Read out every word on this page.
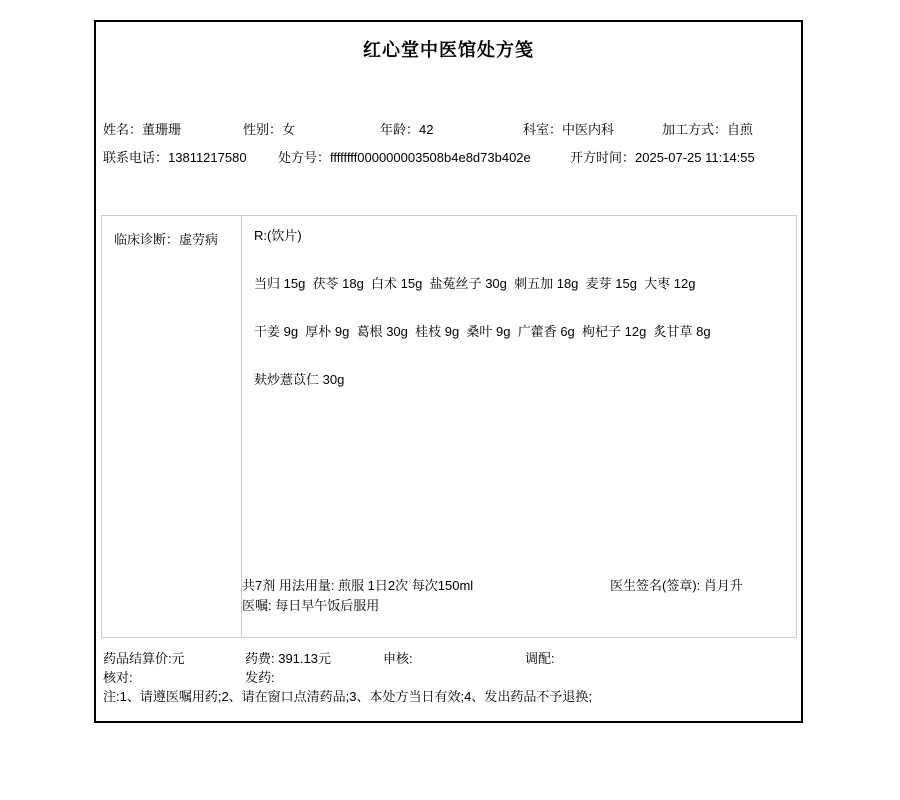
红心堂中医馆处方笺
姓名：董珊珊	性别：女	年龄：42	科室：中医内科	加工方式：自煎
联系电话：13811217580 处方号：ffffffff000000003508b4e8d73b402e	开方时间：2025-07-25 11:14:55
临床诊断：虚劳病	R:(饮片)
当归 15g  茯苓 18g  白术 15g  盐菟丝子 30g  刺五加 18g  麦芽 15g  大枣 12g
干姜 9g  厚朴 9g  葛根 30g  桂枝 9g  桑叶 9g  广藿香 6g  枸杞子 12g  炙甘草 8g
麸炒薏苡仁 30g
共7剂 用法用量: 煎服 1日2次 每次150ml
医嘱: 每日早午饭后服用
医生签名(签章): 肖月升
药品结算价:元	药费: 391.13元	申核:	调配:
核对:	发药:
注:1、请遵医嘱用药;2、请在窗口点清药品;3、本处方当日有效;4、发出药品不予退换;
